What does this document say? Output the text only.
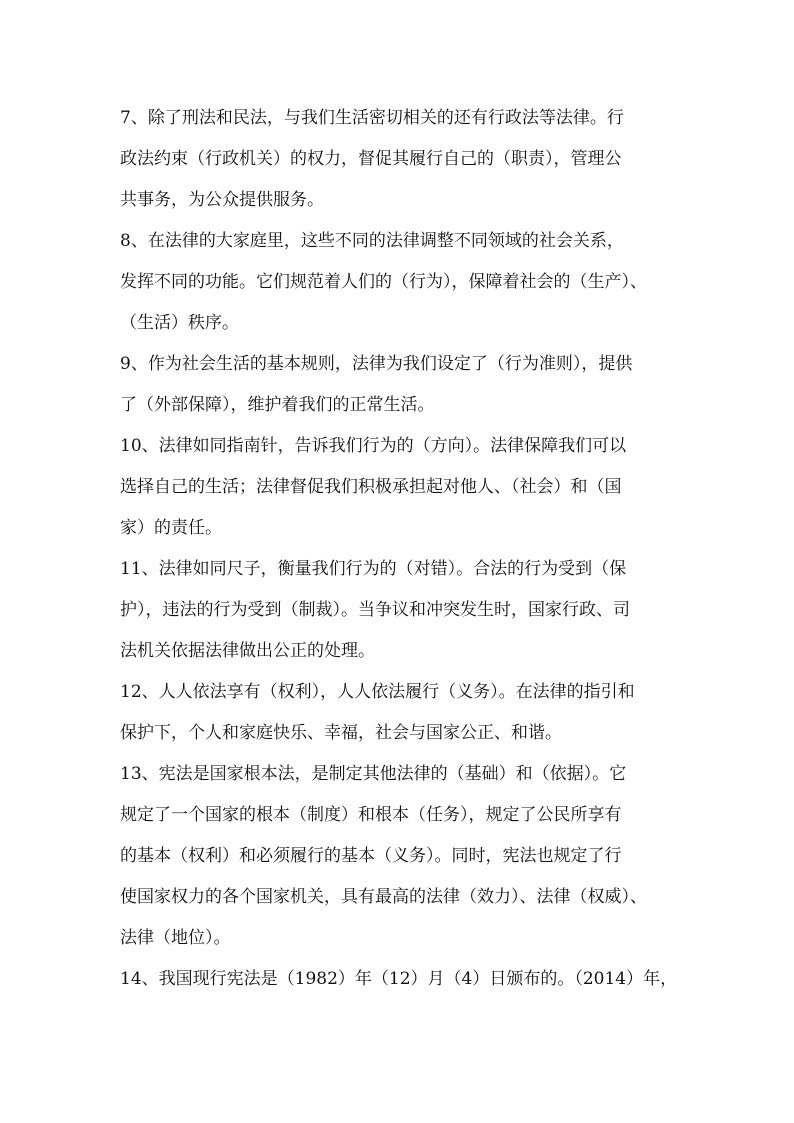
7、除了刑法和民法，与我们生活密切相关的还有行政法等法律。行
政法约束（行政机关）的权力，督促其履行自己的（职责），管理公
共事务，为公众提供服务。
8、在法律的大家庭里，这些不同的法律调整不同领域的社会关系，
发挥不同的功能。它们规范着人们的（行为），保障着社会的（生产）、
（生活）秩序。
9、作为社会生活的基本规则，法律为我们设定了（行为准则），提供
了（外部保障），维护着我们的正常生活。
10、法律如同指南针，告诉我们行为的（方向）。法律保障我们可以
选择自己的生活；法律督促我们积极承担起对他人、（社会）和（国
家）的责任。
11、法律如同尺子，衡量我们行为的（对错）。合法的行为受到（保
护），违法的行为受到（制裁）。当争议和冲突发生时，国家行政、司
法机关依据法律做出公正的处理。
12、人人依法享有（权利），人人依法履行（义务）。在法律的指引和
保护下，个人和家庭快乐、幸福，社会与国家公正、和谐。
13、宪法是国家根本法，是制定其他法律的（基础）和（依据）。它
规定了一个国家的根本（制度）和根本（任务），规定了公民所享有
的基本（权利）和必须履行的基本（义务）。同时，宪法也规定了行
使国家权力的各个国家机关，具有最高的法律（效力）、法律（权威）、
法律（地位）。
14、我国现行宪法是（1982）年（12）月（4）日颁布的。（2014）年，
